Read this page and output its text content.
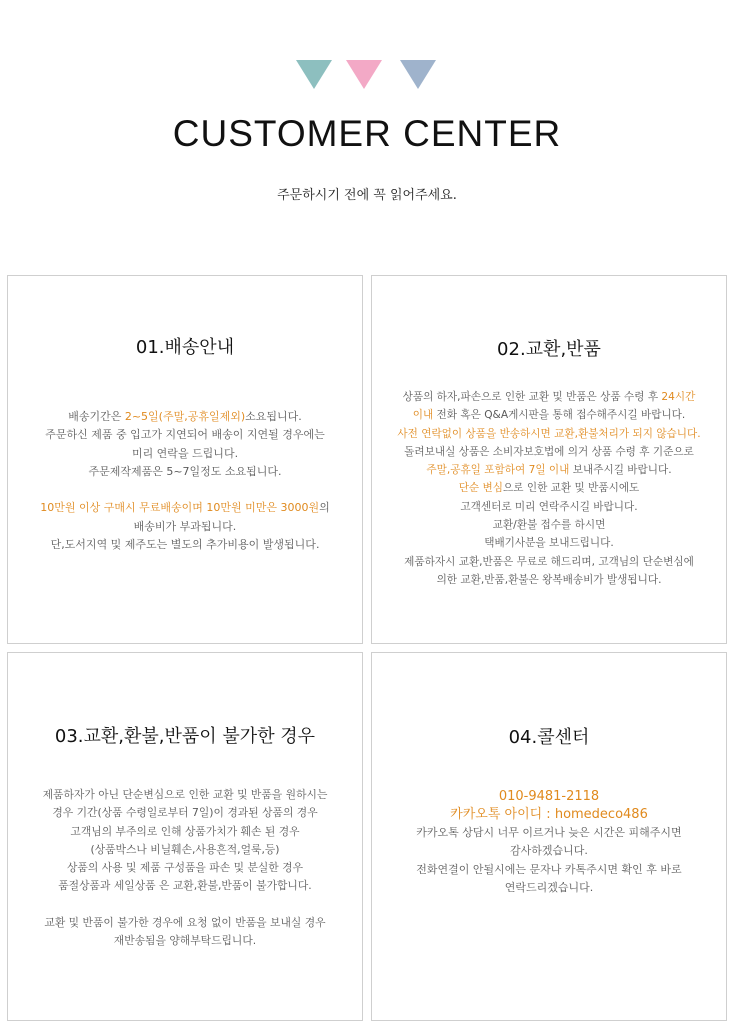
CUSTOMER CENTER
주문하시기 전에 꼭 읽어주세요.
01.배송안내
배송기간은 2~5일(주말,공휴일제외)소요됩니다.
주문하신 제품 중 입고가 지연되어 배송이 지연될 경우에는
미리 연락을 드립니다.
주문제작제품은 5~7일정도 소요됩니다.
10만원 이상 구매시 무료배송이며 10만원 미만은 3000원의
배송비가 부과됩니다.
단,도서지역 및 제주도는 별도의 추가비용이 발생됩니다.
02.교환,반품
상품의 하자,파손으로 인한 교환 및 반품은 상품 수령 후 24시간
이내 전화 혹은 Q&A게시판을 통해 접수해주시길 바랍니다.
사전 연락없이 상품을 반송하시면 교환,환불처리가 되지 않습니다.
돌려보내실 상품은 소비자보호법에 의거 상품 수령 후 기준으로
주말,공휴일 포함하여 7일 이내 보내주시길 바랍니다.
단순 변심으로 인한 교환 및 반품시에도
고객센터로 미리 연락주시길 바랍니다.
교환/환불 접수를 하시면
택배기사분을 보내드립니다.
제품하자시 교환,반품은 무료로 해드리며, 고객님의 단순변심에
의한 교환,반품,환불은 왕복배송비가 발생됩니다.
03.교환,환불,반품이 불가한 경우
제품하자가 아닌 단순변심으로 인한 교환 및 반품을 원하시는
경우 기간(상품 수령일로부터 7일)이 경과된 상품의 경우
고객님의 부주의로 인해 상품가치가 훼손 된 경우
(상품박스나 비닐훼손,사용흔적,얼룩,등)
상품의 사용 및 제품 구성품을 파손 및 분실한 경우
품절상품과 세일상품 은 교환,환불,반품이 불가합니다.
교환 및 반품이 불가한 경우에 요청 없이 반품을 보내실 경우
재반송됨을 양해부탁드립니다.
04.콜센터
010-9481-2118
카카오톡 아이디 : homedeco486
카카오톡 상담시 너무 이르거나 늦은 시간은 피해주시면
감사하겠습니다.
전화연결이 안될시에는 문자나 카톡주시면 확인 후 바로
연락드리겠습니다.
